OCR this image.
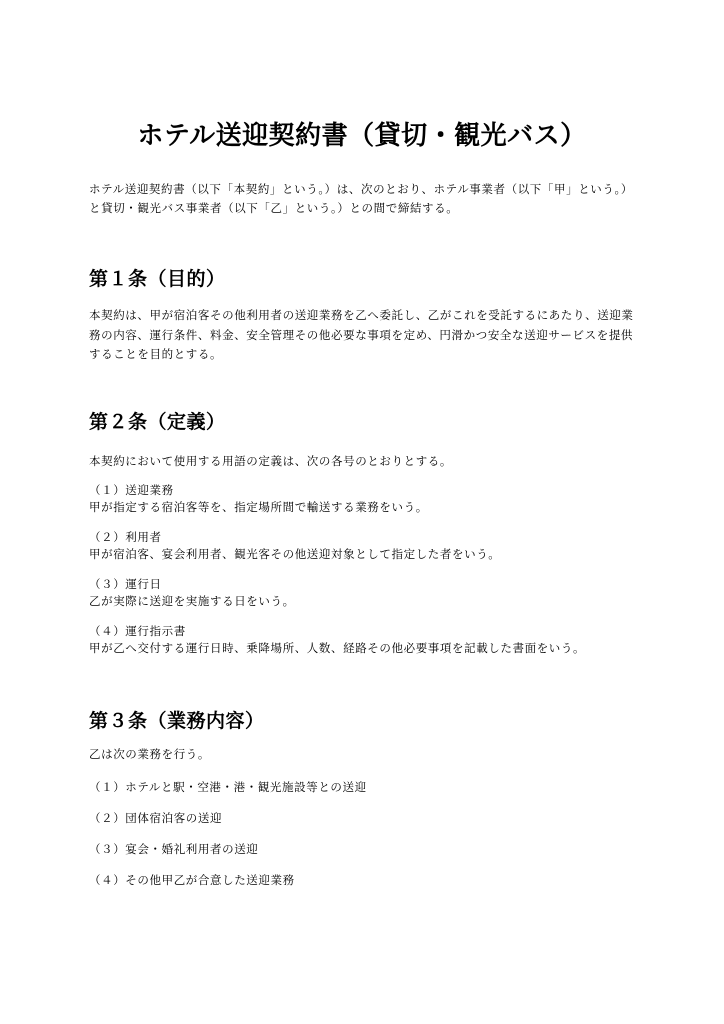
ホテル送迎契約書（貸切・観光バス）

ホテル送迎契約書（以下「本契約」という。）は、次のとおり、ホテル事業者（以下「甲」という。）と貸切・観光バス事業者（以下「乙」という。）との間で締結する。

第１条（目的）

本契約は、甲が宿泊客その他利用者の送迎業務を乙へ委託し、乙がこれを受託するにあたり、送迎業務の内容、運行条件、料金、安全管理その他必要な事項を定め、円滑かつ安全な送迎サービスを提供することを目的とする。

第２条（定義）

本契約において使用する用語の定義は、次の各号のとおりとする。

（１）送迎業務

甲が指定する宿泊客等を、指定場所間で輸送する業務をいう。

（２）利用者

甲が宿泊客、宴会利用者、観光客その他送迎対象として指定した者をいう。

（３）運行日

乙が実際に送迎を実施する日をいう。

（４）運行指示書

甲が乙へ交付する運行日時、乗降場所、人数、経路その他必要事項を記載した書面をいう。

第３条（業務内容）

乙は次の業務を行う。

（１）ホテルと駅・空港・港・観光施設等との送迎

（２）団体宿泊客の送迎

（３）宴会・婚礼利用者の送迎

（４）その他甲乙が合意した送迎業務
